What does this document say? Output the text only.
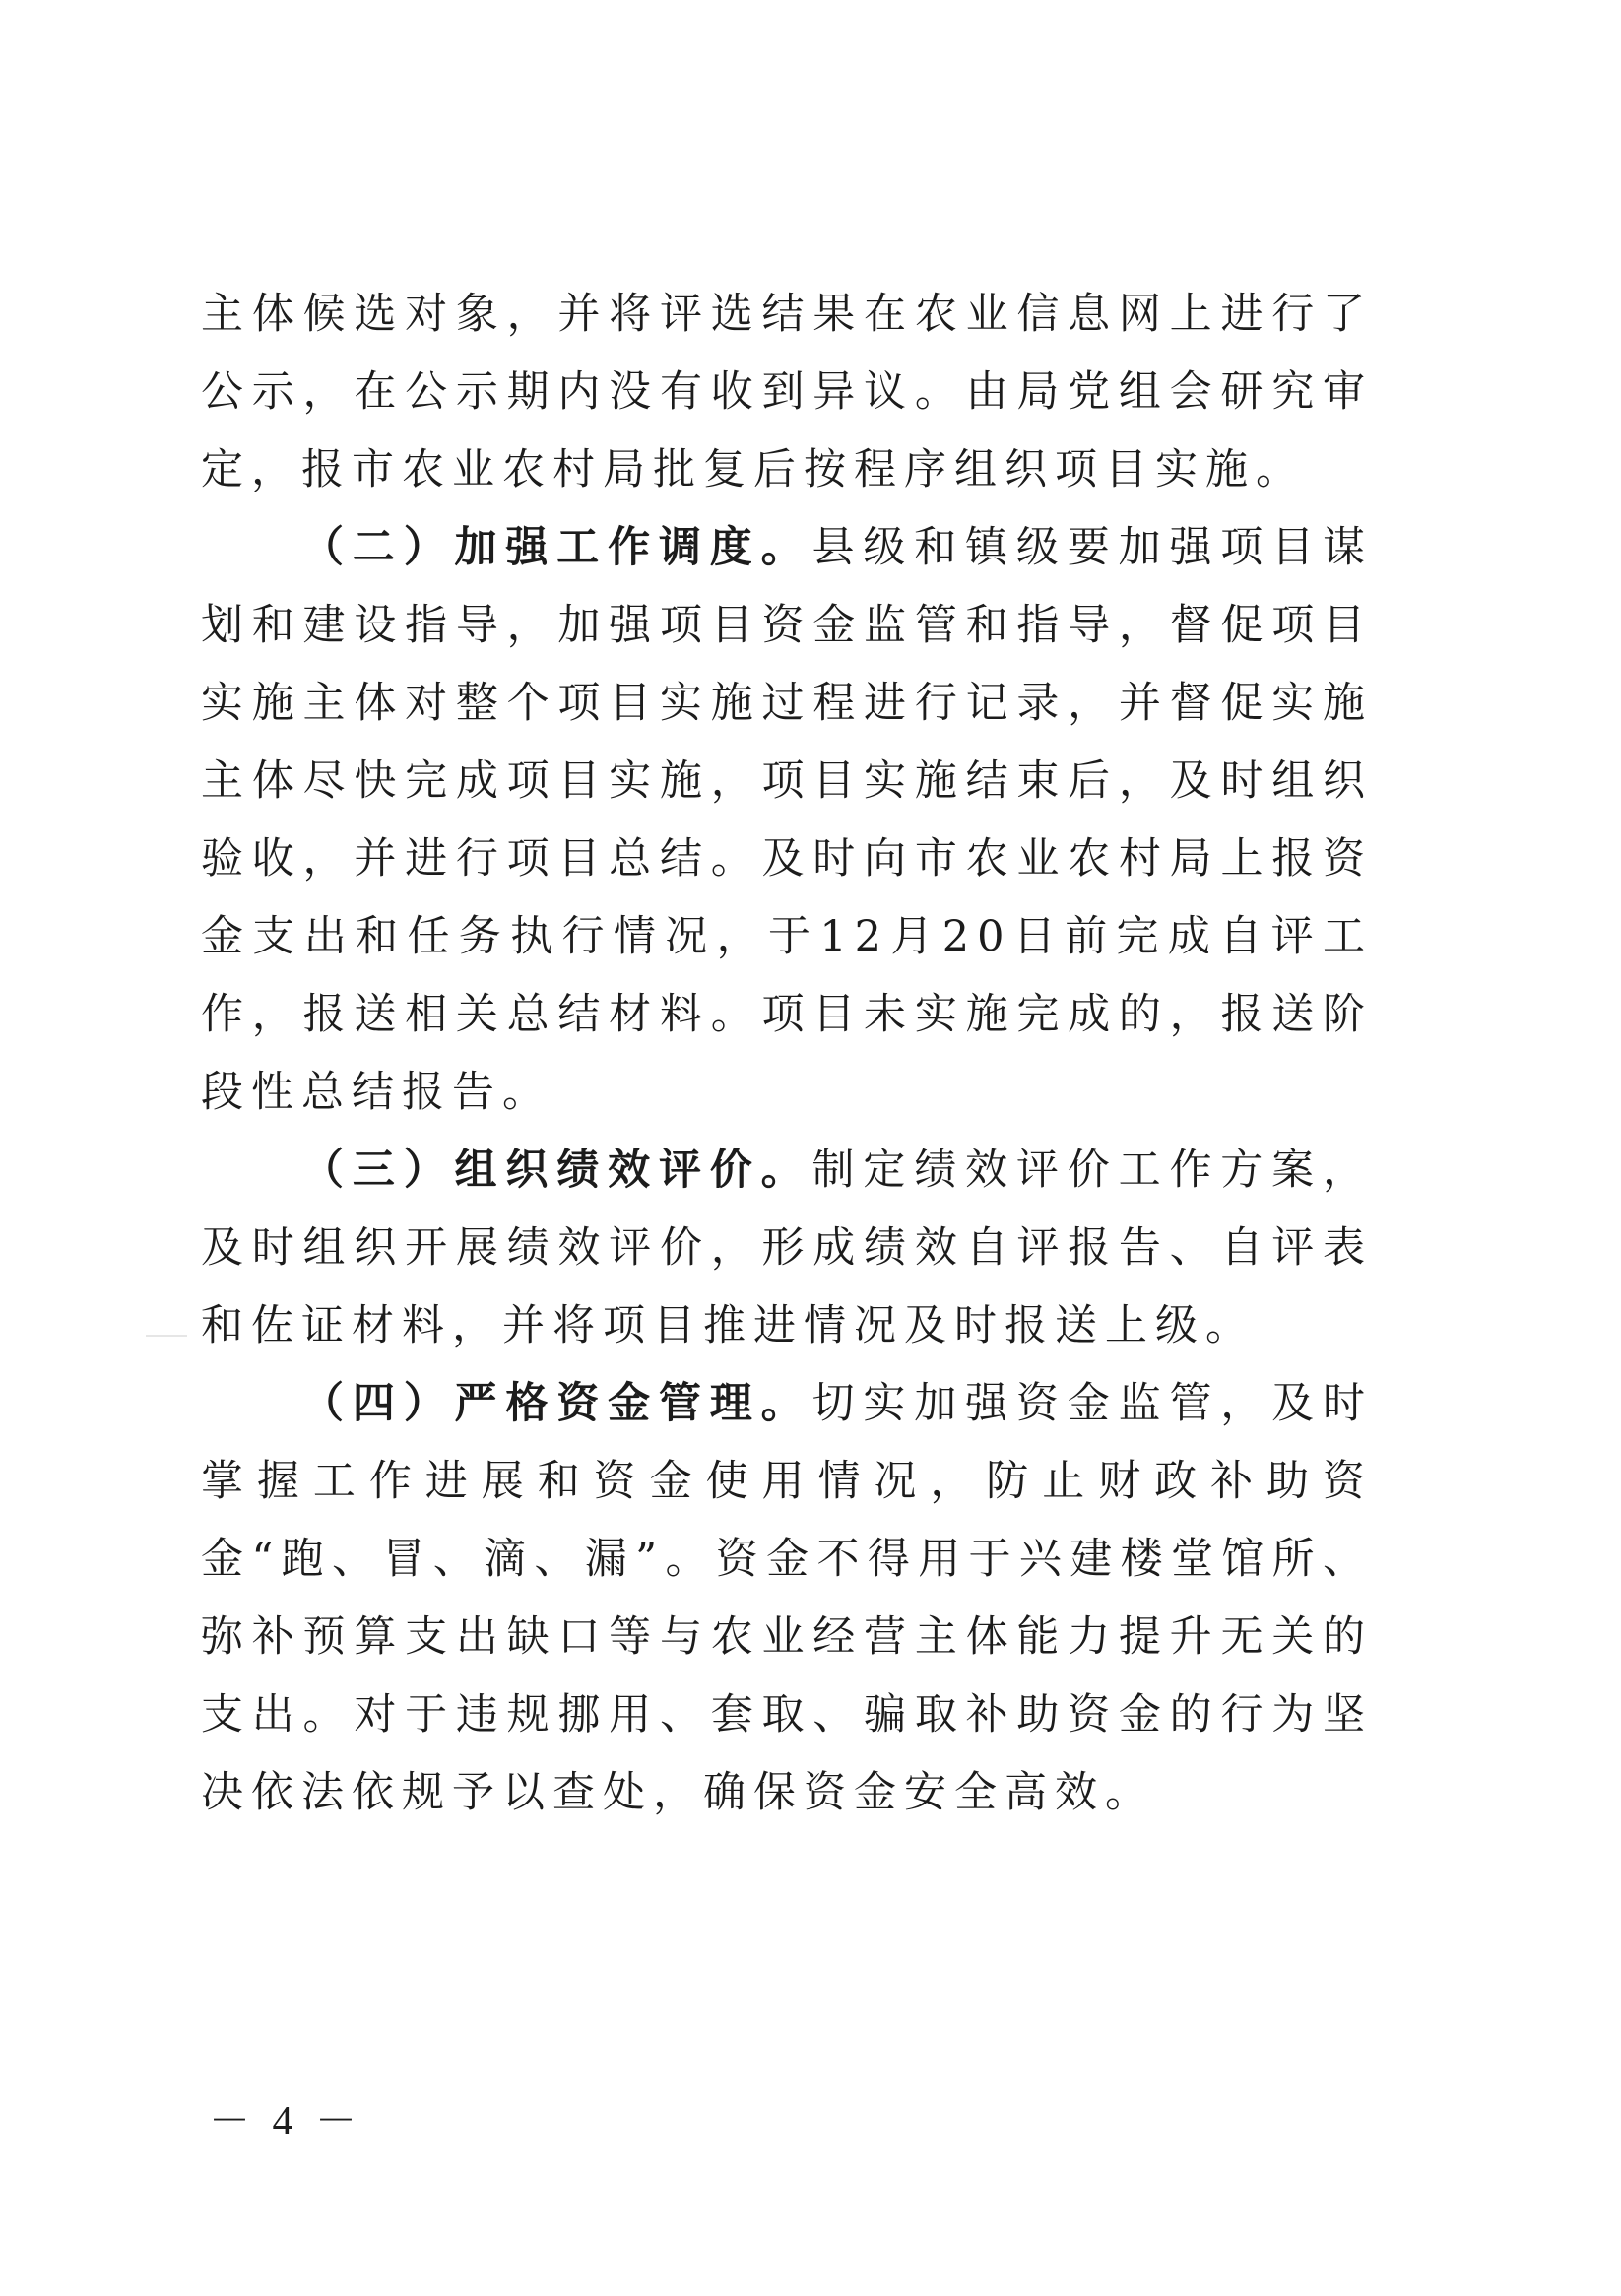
主体候选对象，并将评选结果在农业信息网上进行了公示，在公示期内没有收到异议。由局党组会研究审定，报市农业农村局批复后按程序组织项目实施。

（二）加强工作调度。县级和镇级要加强项目谋划和建设指导，加强项目资金监管和指导，督促项目实施主体对整个项目实施过程进行记录，并督促实施主体尽快完成项目实施，项目实施结束后，及时组织验收，并进行项目总结。及时向市农业农村局上报资金支出和任务执行情况，于12月20日前完成自评工作，报送相关总结材料。项目未实施完成的，报送阶段性总结报告。

（三）组织绩效评价。制定绩效评价工作方案，及时组织开展绩效评价，形成绩效自评报告、自评表和佐证材料，并将项目推进情况及时报送上级。

（四）严格资金管理。切实加强资金监管，及时掌握工作进展和资金使用情况，防止财政补助资金“跑、冒、滴、漏”。资金不得用于兴建楼堂馆所、弥补预算支出缺口等与农业经营主体能力提升无关的支出。对于违规挪用、套取、骗取补助资金的行为坚决依法依规予以查处，确保资金安全高效。

－ 4 －
